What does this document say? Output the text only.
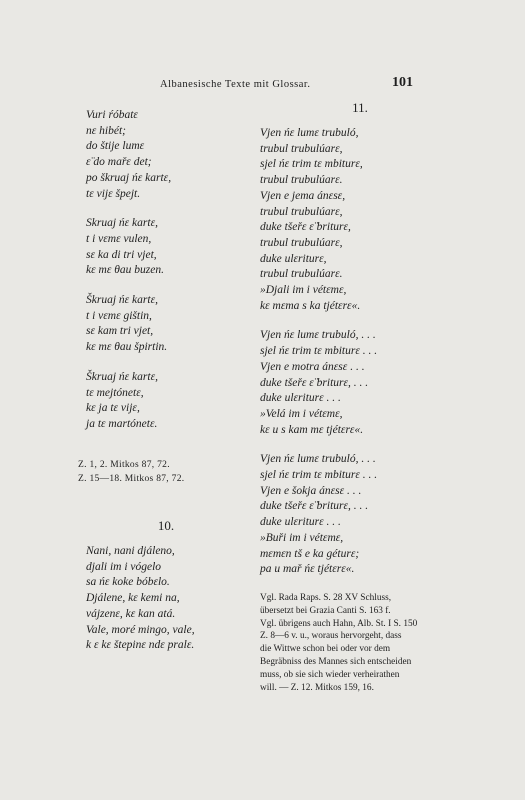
Albanesische Texte mit Glossar.	101
Vuri ŕóbatε
nε hibét;
do štije lumε
ε̈ do mařε det;
po škruaj ńε kartε,
tε vijε špejt.
Skruaj ńε kartε,
t i vεmε vulen,
sε ka di tri vjet,
kε mε θau buzen.
Škruaj ńε kartε,
t i vεmε gištin,
sε kam tri vjet,
kε mε θau špirtin.
Škruaj ńε kartε,
tε mejtónetε,
kε ja tε vijε,
ja tε martónetε.
Z. 1, 2. Mitkos 87, 72.
Z. 15—18. Mitkos 87, 72.
10.
Nani, nani djáleno,
djali im i vógelo
sa ńε koke bóbεlo.
Djálene, kε kemi na,
vájzenε, kε kan atá.
Vale, moré mingo, vale,
k ε kε štepinε ndε pralε.
11.
Vjen ńε lumε trubuló,
trubul trubulúarε,
sjel ńε trim tε mbiturε,
trubul trubulúarε.
Vjen e jema ánεsε,
trubul trubulúarε,
duke tšeřε ε̈ briturε,
trubul trubulúarε,
duke ulεriturε,
trubul trubulúarε.
»Djali im i vétεmε,
kε mεma s ka tjétεrε«.
Vjen ńε lumε trubuló, . . .
sjel ńε trim tε mbiturε . . .
Vjen e motra ánεsε . . .
duke tšeřε ε̈ briturε, . . .
duke ulεriturε . . .
»Velá im i vétεmε,
kε u s kam mε tjétεrε«.
Vjen ńε lumε trubuló, . . .
sjel ńε trim tε mbiturε . . .
Vjen e šokja ánεsε . . .
duke tšeřε ε̈ briturε, . . .
duke ulεriturε . . .
»Buři im i vétεmε,
mεmεn tš e ka géturε;
pa u mař ńε tjétεrε«.
Vgl. Rada Raps. S. 28 XV Schluss,
übersetzt bei Grazia Canti S. 163 f.
Vgl. übrigens auch Hahn, Alb. St. I S. 150
Z. 8—6 v. u., woraus hervorgeht, dass
die Wittwe schon bei oder vor dem
Begräbniss des Mannes sich entscheiden
muss, ob sie sich wieder verheirathen
will. — Z. 12. Mitkos 159, 16.
